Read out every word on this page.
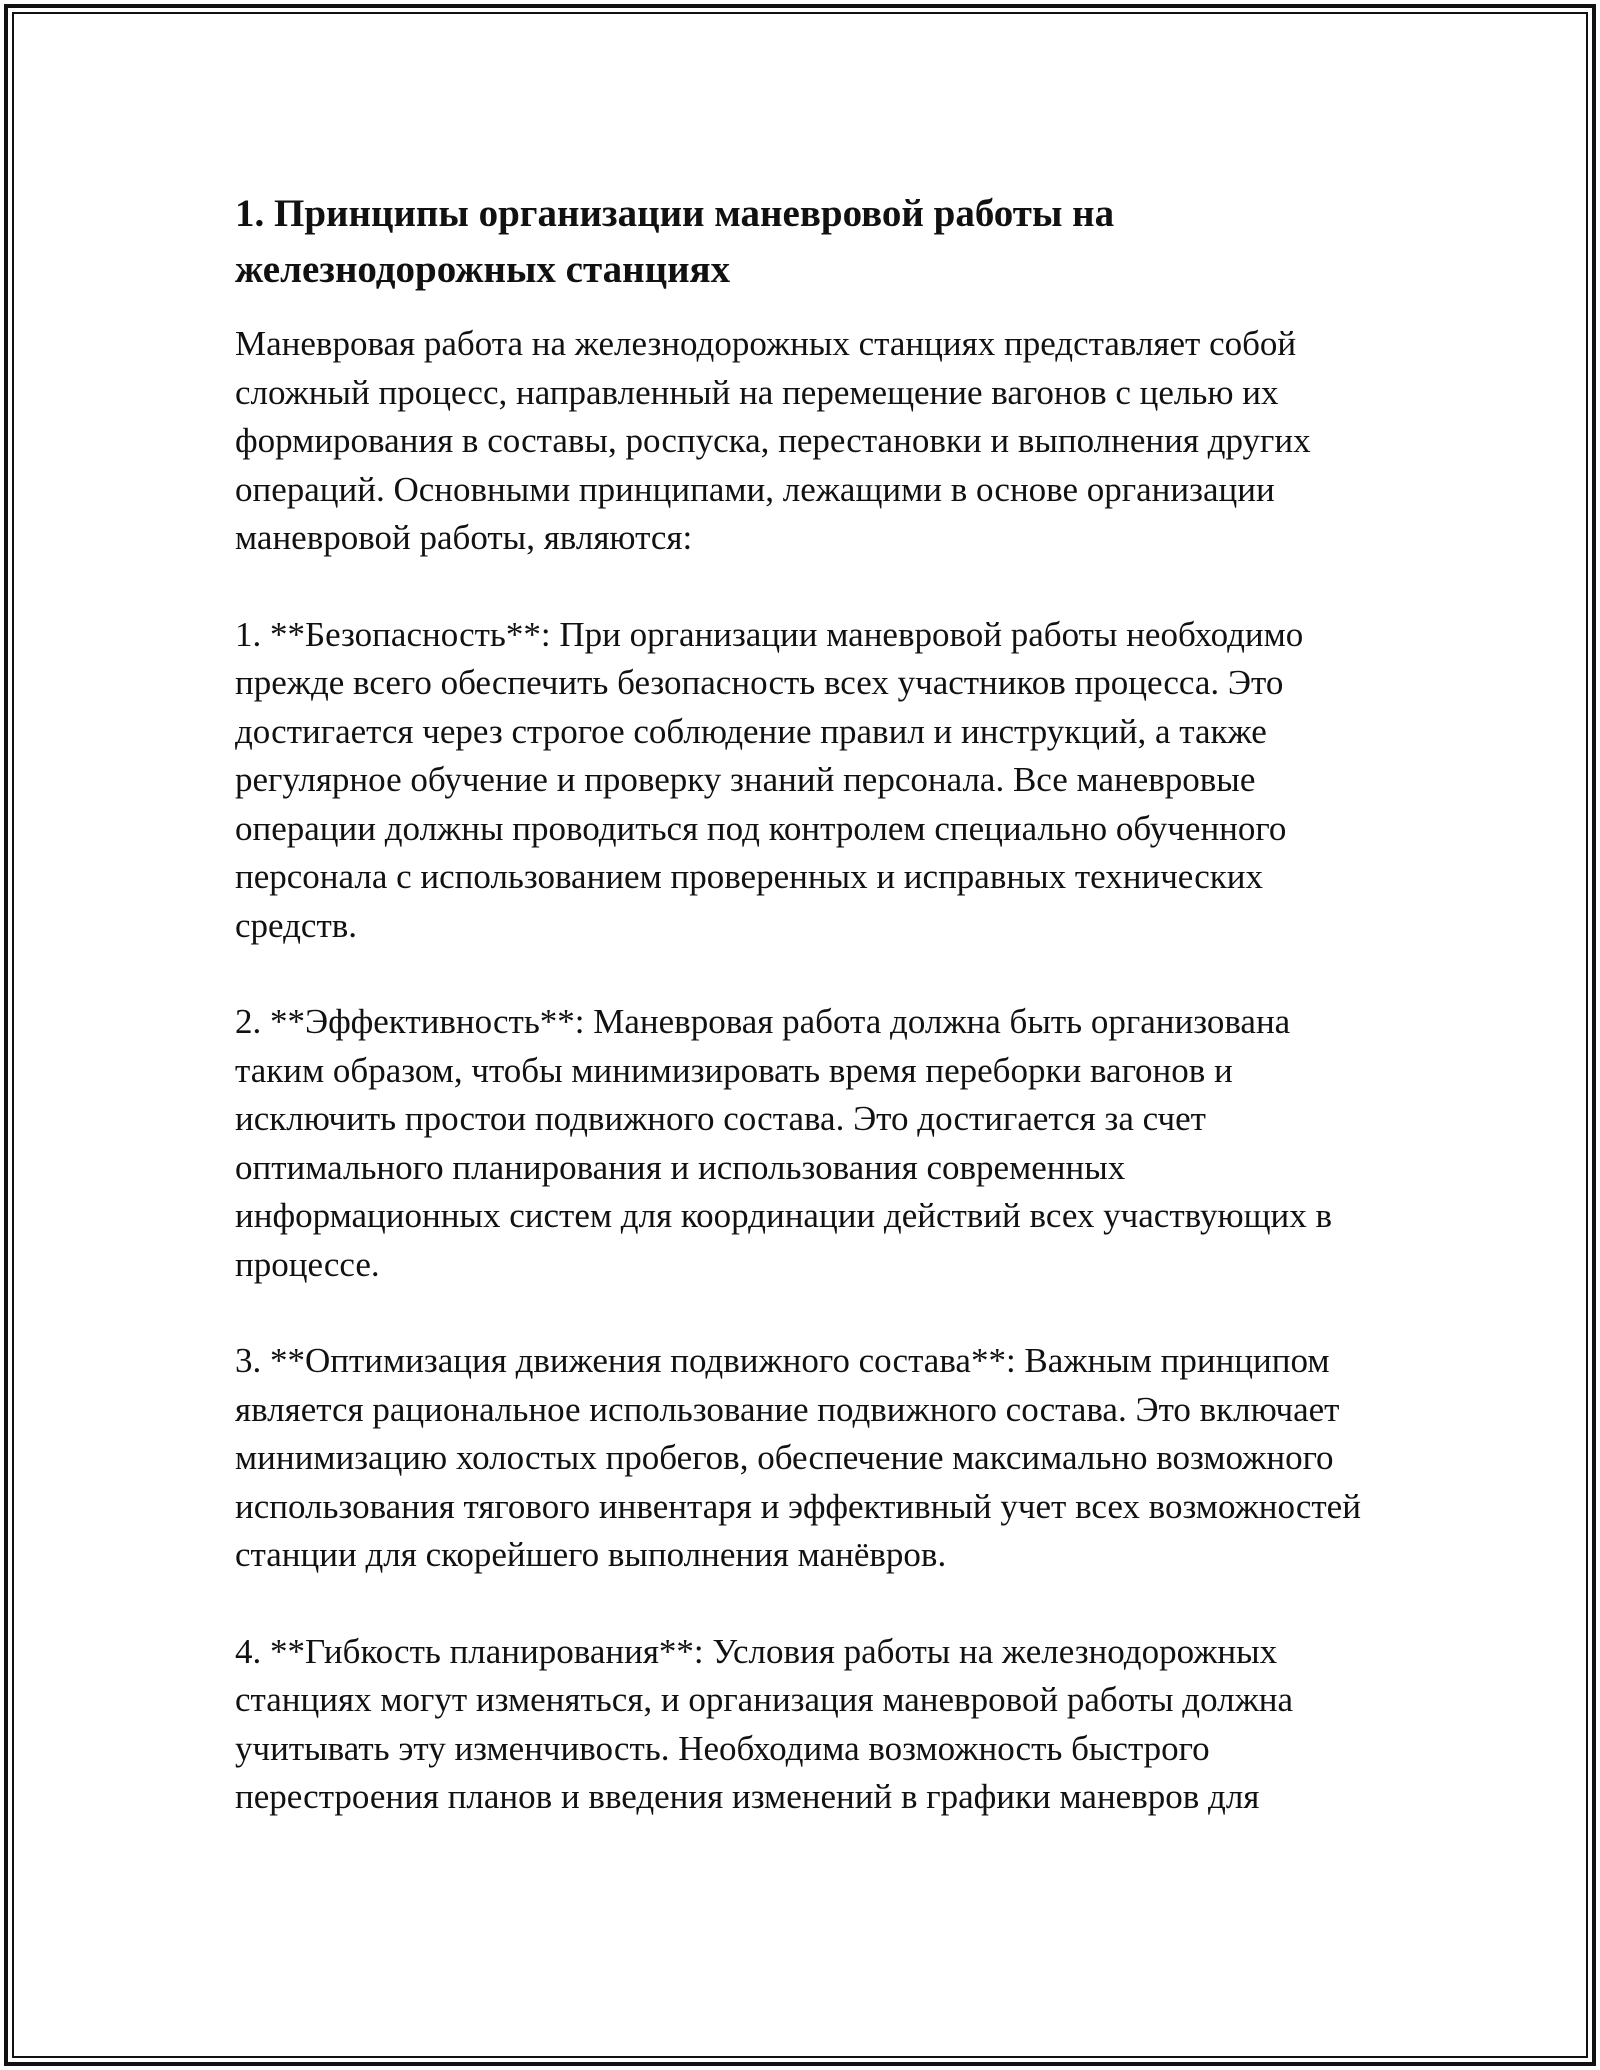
1. Принципы организации маневровой работы на железнодорожных станциях

Маневровая работа на железнодорожных станциях представляет собой сложный процесс, направленный на перемещение вагонов с целью их формирования в составы, роспуска, перестановки и выполнения других операций. Основными принципами, лежащими в основе организации маневровой работы, являются:

1. **Безопасность**: При организации маневровой работы необходимо прежде всего обеспечить безопасность всех участников процесса. Это достигается через строгое соблюдение правил и инструкций, а также регулярное обучение и проверку знаний персонала. Все маневровые операции должны проводиться под контролем специально обученного персонала с использованием проверенных и исправных технических средств.

2. **Эффективность**: Маневровая работа должна быть организована таким образом, чтобы минимизировать время переборки вагонов и исключить простои подвижного состава. Это достигается за счет оптимального планирования и использования современных информационных систем для координации действий всех участвующих в процессе.

3. **Оптимизация движения подвижного состава**: Важным принципом является рациональное использование подвижного состава. Это включает минимизацию холостых пробегов, обеспечение максимально возможного использования тягового инвентаря и эффективный учет всех возможностей станции для скорейшего выполнения манёвров.

4. **Гибкость планирования**: Условия работы на железнодорожных станциях могут изменяться, и организация маневровой работы должна учитывать эту изменчивость. Необходима возможность быстрого перестроения планов и введения изменений в графики маневров для
